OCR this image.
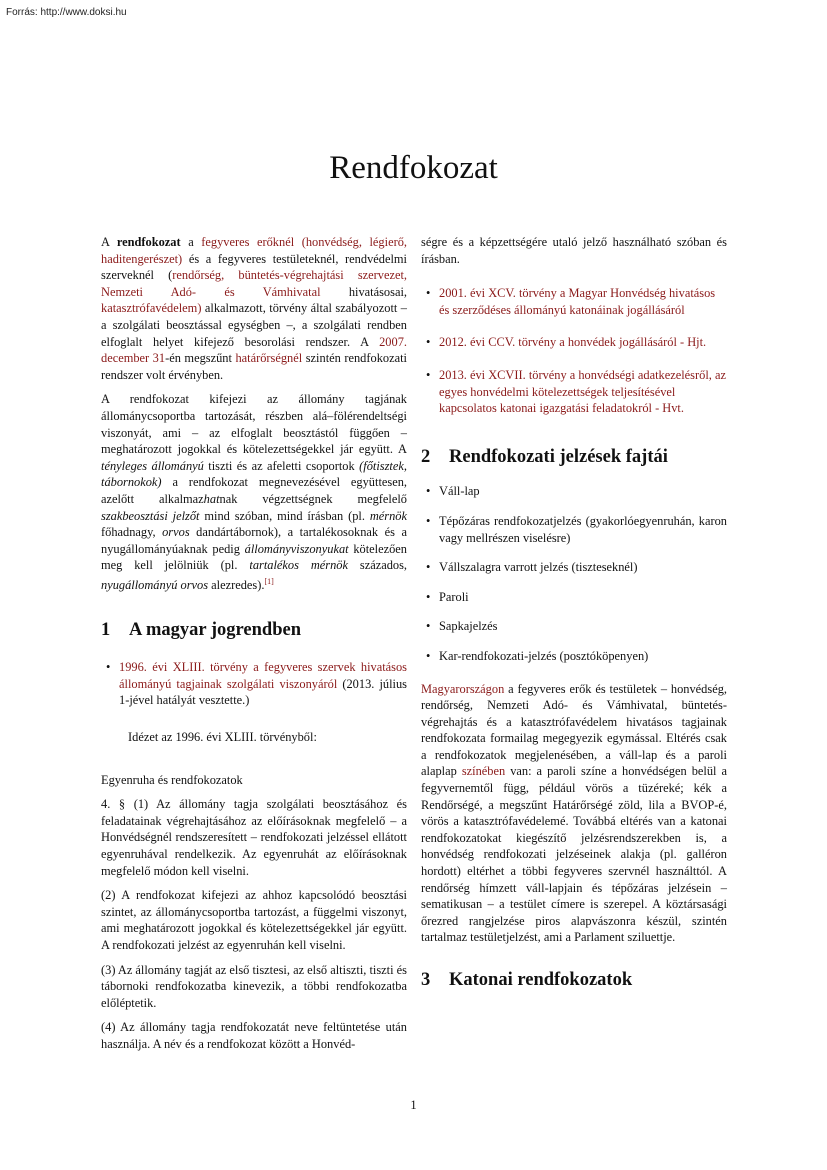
Forrás: http://www.doksi.hu
Rendfokozat

A rendfokozat a fegyveres erőknél (honvédség, légierő, haditengerészet) és a fegyveres testületeknél, rendvédelmi szerveknél (rendőrség, büntetés-végrehajtási szervezet, Nemzeti Adó- és Vámhivatal hivatásosai, katasztrófavédelem) alkalmazott, törvény által szabályozott – a szolgálati beosztással egységben –, a szolgálati rendben elfoglalt helyet kifejező besorolási rendszer. A 2007. december 31-én megszűnt határőrségnél szintén rendfokozati rendszer volt érvényben.

A rendfokozat kifejezi az állomány tagjának állománycsoportba tartozását, részben alá–fölérendeltségi viszonyát, ami – az elfoglalt beosztástól függően – meghatározott jogokkal és kötelezettségekkel jár együtt. A tényleges állományú tiszti és az afeletti csoportok (főtisztek, tábornokok) a rendfokozat megnevezésével együttesen, azelőtt alkalmazhatnak végzettségnek megfelelő szakbeosztási jelzőt mind szóban, mind írásban (pl. mérnök főhadnagy, orvos dandártábornok), a tartalékosoknak és a nyugállományúaknak pedig állományviszonyukat kötelezően meg kell jelölniük (pl. tartalékos mérnök százados, nyugállományú orvos alezredes).[1]

1 A magyar jogrendben
• 1996. évi XLIII. törvény a fegyveres szervek hivatásos állományú tagjainak szolgálati viszonyáról (2013. július 1-jével hatályát vesztette.)

Idézet az 1996. évi XLIII. törvényből:

Egyenruha és rendfokozatok

4. § (1) Az állomány tagja szolgálati beosztásához és feladatainak végrehajtásához az előírásoknak megfelelő – a Honvédségnél rendszeresített – rendfokozati jelzéssel ellátott egyenruhával rendelkezik. Az egyenruhát az előírásoknak megfelelő módon kell viselni.

(2) A rendfokozat kifejezi az ahhoz kapcsolódó beosztási szintet, az állománycsoportba tartozást, a függelmi viszonyt, ami meghatározott jogokkal és kötelezettségekkel jár együtt. A rendfokozati jelzést az egyenruhán kell viselni.

(3) Az állomány tagját az első tisztesi, az első altiszti, tiszti és tábornoki rendfokozatba kinevezik, a többi rendfokozatba előléptetik.

(4) Az állomány tagja rendfokozatát neve feltüntetése után használja. A név és a rendfokozat között a Honvéd-

ségre és a képzettségére utaló jelző használható szóban és írásban.

• 2001. évi XCV. törvény a Magyar Honvédség hivatásos és szerződéses állományú katonáinak jogállásáról
• 2012. évi CCV. törvény a honvédek jogállásáról - Hjt.
• 2013. évi XCVII. törvény a honvédségi adatkezelésről, az egyes honvédelmi kötelezettségek teljesítésével kapcsolatos katonai igazgatási feladatokról - Hvt.
2 Rendfokozati jelzések fajtái
• Váll-lap
• Tépőzáras rendfokozatjelzés (gyakorlóegyenruhán, karon vagy mellrészen viselésre)
• Vállszalagra varrott jelzés (tiszteseknél)
• Paroli
• Sapkajelzés
• Kar-rendfokozati-jelzés (posztóköpenyen)

Magyarországon a fegyveres erők és testületek – honvédség, rendőrség, Nemzeti Adó- és Vámhivatal, büntetés-végrehajtás és a katasztrófavédelem hivatásos tagjainak rendfokozata formailag megegyezik egymással. Eltérés csak a rendfokozatok megjelenésében, a váll-lap és a paroli alaplap színében van: a paroli színe a honvédségen belül a fegyvernemtől függ, például vörös a tüzéreké; kék a Rendőrségé, a megszűnt Határőrségé zöld, lila a BVOP-é, vörös a katasztrófavédelemé. Továbbá eltérés van a katonai rendfokozatokat kiegészítő jelzésrendszerekben is, a honvédség rendfokozati jelzéseinek alakja (pl. galléron hordott) eltérhet a többi fegyveres szervnél használttól. A rendőrség hímzett váll-lapjain és tépőzáras jelzésein – sematikusan – a testület címere is szerepel. A köztársasági őrezred rangjelzése piros alapvászonra készül, szintén tartalmaz testületjelzést, ami a Parlament sziluettje.

3 Katonai rendfokozatok
1
